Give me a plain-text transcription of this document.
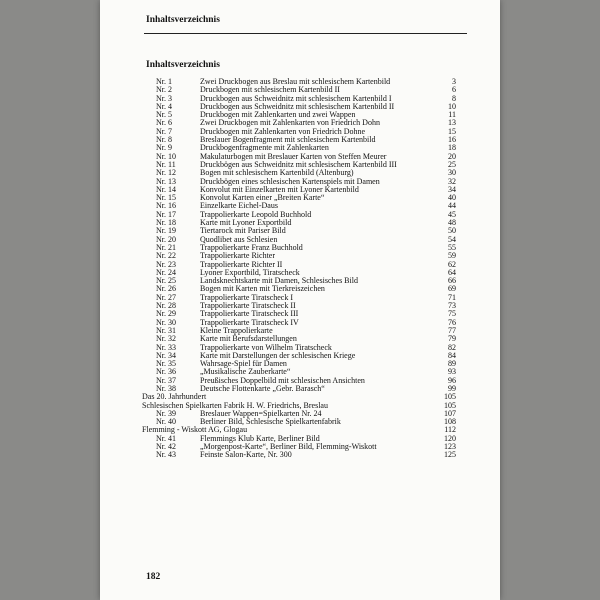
Inhaltsverzeichnis
Inhaltsverzeichnis
Nr. 1	Zwei Druckbogen aus Breslau mit schlesischem Kartenbild	3
Nr. 2	Druckbogen mit schlesischem Kartenbild II	6
Nr. 3	Druckbogen aus Schweidnitz mit schlesischem Kartenbild I	8
Nr. 4	Druckbogen aus Schweidnitz mit schlesischem Kartenbild II	10
Nr. 5	Druckbogen mit Zahlenkarten und zwei Wappen	11
Nr. 6	Zwei Druckbogen mit Zahlenkarten von Friedrich Dohn	13
Nr. 7	Druckbogen mit Zahlenkarten von Friedrich Dohne	15
Nr. 8	Breslauer Bogenfragment mit schlesischem Kartenbild	16
Nr. 9	Druckbogenfragmente mit Zahlenkarten	18
Nr. 10	Makulaturbogen mit Breslauer Karten von Steffen Meurer	20
Nr. 11	Druckbögen aus Schweidnitz mit schlesischem Kartenbild III	25
Nr. 12	Bogen mit schlesischem Kartenbild (Altenburg)	30
Nr. 13	Druckbögen eines schlesischen Kartenspiels mit Damen	32
Nr. 14	Konvolut mit Einzelkarten mit Lyoner Kartenbild	34
Nr. 15	Konvolut Karten einer „Breiten Karte“	40
Nr. 16	Einzelkarte Eichel-Daus	44
Nr. 17	Trappolierkarte Leopold Buchhold	45
Nr. 18	Karte mit Lyoner Exportbild	48
Nr. 19	Tiertarock mit Pariser Bild	50
Nr. 20	Quodlibet aus Schlesien	54
Nr. 21	Trappolierkarte Franz Buchhold	55
Nr. 22	Trappolierkarte Richter	59
Nr. 23	Trappolierkarte Richter II	62
Nr. 24	Lyoner Exportbild, Tiratscheck	64
Nr. 25	Landsknechtskarte mit Damen, Schlesisches Bild	66
Nr. 26	Bogen mit Karten mit Tierkreiszeichen	69
Nr. 27	Trappolierkarte Tiratscheck I	71
Nr. 28	Trappolierkarte Tiratscheck II	73
Nr. 29	Trappolierkarte Tiratscheck III	75
Nr. 30	Trappolierkarte Tiratscheck IV	76
Nr. 31	Kleine Trappolierkarte	77
Nr. 32	Karte mit Berufsdarstellungen	79
Nr. 33	Trappolierkarte von Wilhelm Tiratscheck	82
Nr. 34	Karte mit Darstellungen der schlesischen Kriege	84
Nr. 35	Wahrsage-Spiel für Damen	89
Nr. 36	„Musikalische Zauberkarte“	93
Nr. 37	Preußisches Doppelbild mit schlesischen Ansichten	96
Nr. 38	Deutsche Flottenkarte „Gebr. Barasch“	99
Das 20. Jahrhundert	105
Schlesischen Spielkarten Fabrik H. W. Friedrichs, Breslau	105
Nr. 39	Breslauer Wappen=Spielkarten Nr. 24	107
Nr. 40	Berliner Bild, Schlesische Spielkartenfabrik	108
Flemming - Wiskott AG, Glogau	112
Nr. 41	Flemmings Klub Karte, Berliner Bild	120
Nr. 42	„Morgenpost-Karte“, Berliner Bild, Flemming-Wiskott	123
Nr. 43	Feinste Salon-Karte, Nr. 300	125
182
